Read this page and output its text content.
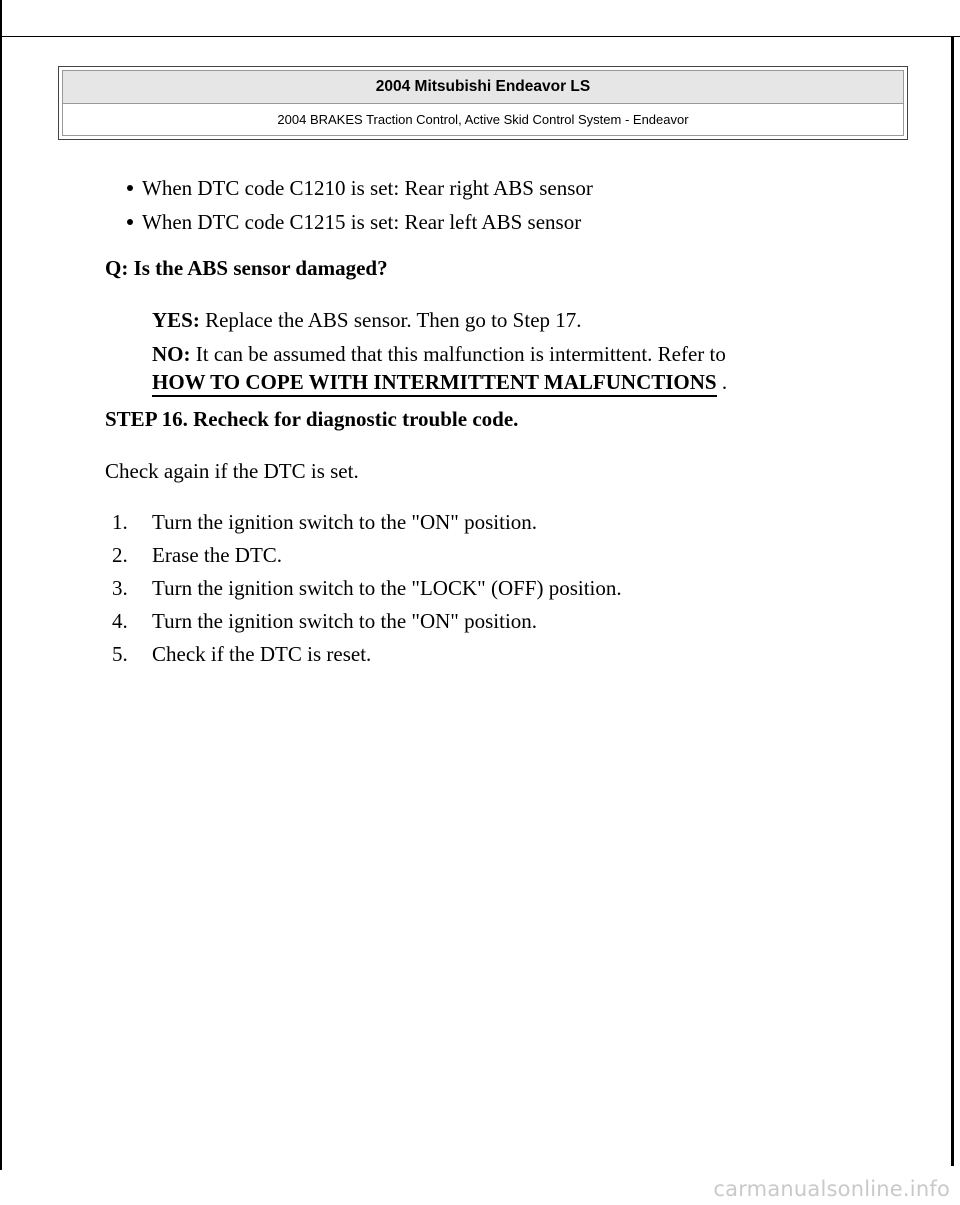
2004 Mitsubishi Endeavor LS
2004 BRAKES Traction Control, Active Skid Control System - Endeavor
When DTC code C1210 is set: Rear right ABS sensor
When DTC code C1215 is set: Rear left ABS sensor
Q: Is the ABS sensor damaged?
YES: Replace the ABS sensor. Then go to Step 17.
NO: It can be assumed that this malfunction is intermittent. Refer to
HOW TO COPE WITH INTERMITTENT MALFUNCTIONS .
STEP 16. Recheck for diagnostic trouble code.
Check again if the DTC is set.
1. Turn the ignition switch to the "ON" position.
2. Erase the DTC.
3. Turn the ignition switch to the "LOCK" (OFF) position.
4. Turn the ignition switch to the "ON" position.
5. Check if the DTC is reset.
carmanualsonline.info
